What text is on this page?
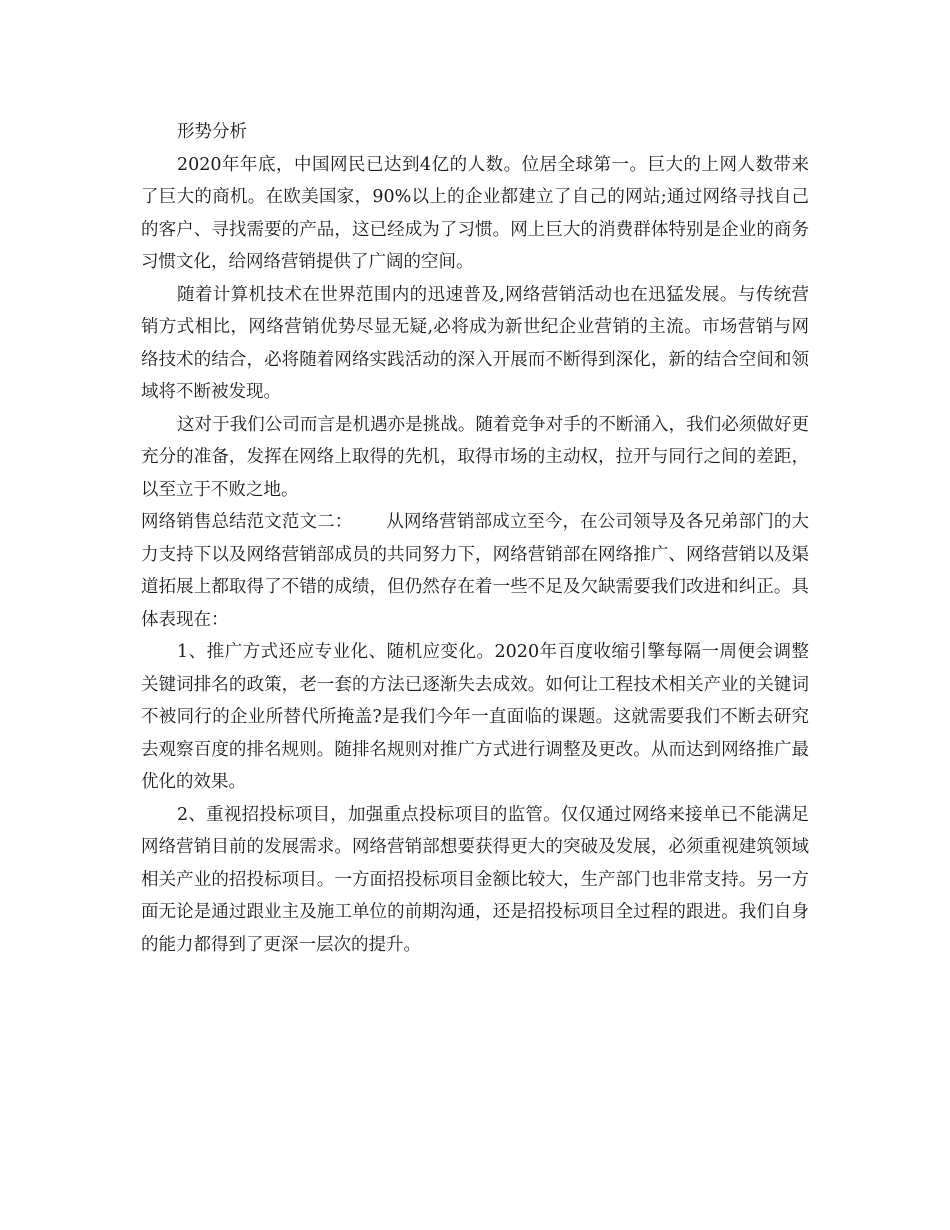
形势分析

2020年年底，中国网民已达到4亿的人数。位居全球第一。巨大的上网人数带来了巨大的商机。在欧美国家，90%以上的企业都建立了自己的网站;通过网络寻找自己的客户、寻找需要的产品，这已经成为了习惯。网上巨大的消费群体特别是企业的商务习惯文化，给网络营销提供了广阔的空间。

随着计算机技术在世界范围内的迅速普及,网络营销活动也在迅猛发展。与传统营销方式相比，网络营销优势尽显无疑,必将成为新世纪企业营销的主流。市场营销与网络技术的结合，必将随着网络实践活动的深入开展而不断得到深化，新的结合空间和领域将不断被发现。

这对于我们公司而言是机遇亦是挑战。随着竞争对手的不断涌入，我们必须做好更充分的准备，发挥在网络上取得的先机，取得市场的主动权，拉开与同行之间的差距，以至立于不败之地。

网络销售总结范文范文二：      从网络营销部成立至今，在公司领导及各兄弟部门的大力支持下以及网络营销部成员的共同努力下，网络营销部在网络推广、网络营销以及渠道拓展上都取得了不错的成绩，但仍然存在着一些不足及欠缺需要我们改进和纠正。具体表现在：

1、推广方式还应专业化、随机应变化。2020年百度收缩引擎每隔一周便会调整关键词排名的政策，老一套的方法已逐渐失去成效。如何让工程技术相关产业的关键词不被同行的企业所替代所掩盖?是我们今年一直面临的课题。这就需要我们不断去研究去观察百度的排名规则。随排名规则对推广方式进行调整及更改。从而达到网络推广最优化的效果。

2、重视招投标项目，加强重点投标项目的监管。仅仅通过网络来接单已不能满足网络营销目前的发展需求。网络营销部想要获得更大的突破及发展，必须重视建筑领域相关产业的招投标项目。一方面招投标项目金额比较大，生产部门也非常支持。另一方面无论是通过跟业主及施工单位的前期沟通，还是招投标项目全过程的跟进。我们自身的能力都得到了更深一层次的提升。
